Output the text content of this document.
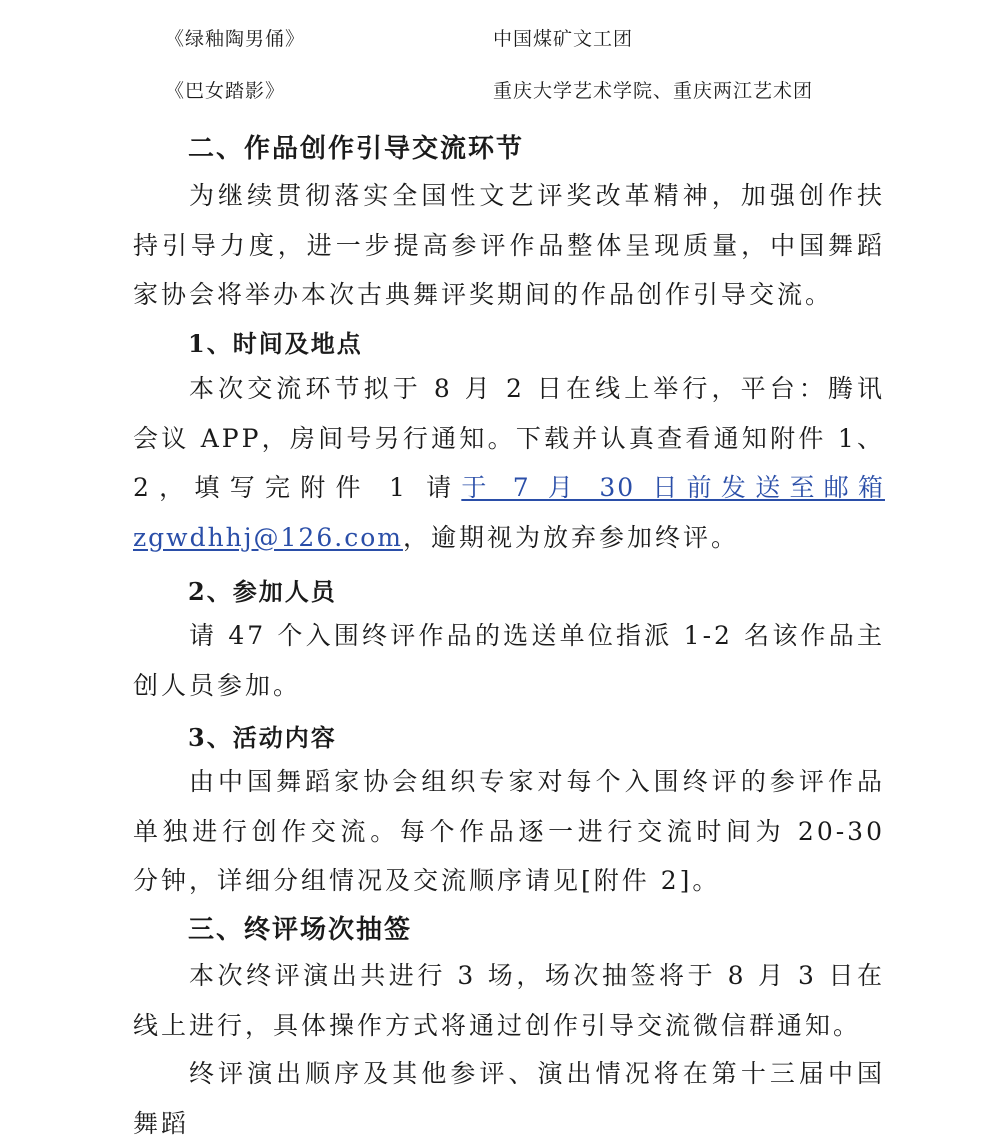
《绿釉陶男俑》	中国煤矿文工团
《巴女踏影》	重庆大学艺术学院、重庆两江艺术团
二、作品创作引导交流环节

为继续贯彻落实全国性文艺评奖改革精神，加强创作扶持引导力度，进一步提高参评作品整体呈现质量，中国舞蹈家协会将举办本次古典舞评奖期间的作品创作引导交流。

1、时间及地点

本次交流环节拟于 8 月 2 日在线上举行，平台：腾讯会议 APP，房间号另行通知。下载并认真查看通知附件 1、2，填写完附件 1 请于 7 月 30 日前发送至邮箱 zgwdhhj@126.com，逾期视为放弃参加终评。

2、参加人员

请 47 个入围终评作品的选送单位指派 1-2 名该作品主创人员参加。

3、活动内容

由中国舞蹈家协会组织专家对每个入围终评的参评作品单独进行创作交流。每个作品逐一进行交流时间为 20-30 分钟，详细分组情况及交流顺序请见[附件 2]。

三、终评场次抽签

本次终评演出共进行 3 场，场次抽签将于 8 月 3 日在线上进行，具体操作方式将通过创作引导交流微信群通知。

终评演出顺序及其他参评、演出情况将在第十三届中国舞蹈
